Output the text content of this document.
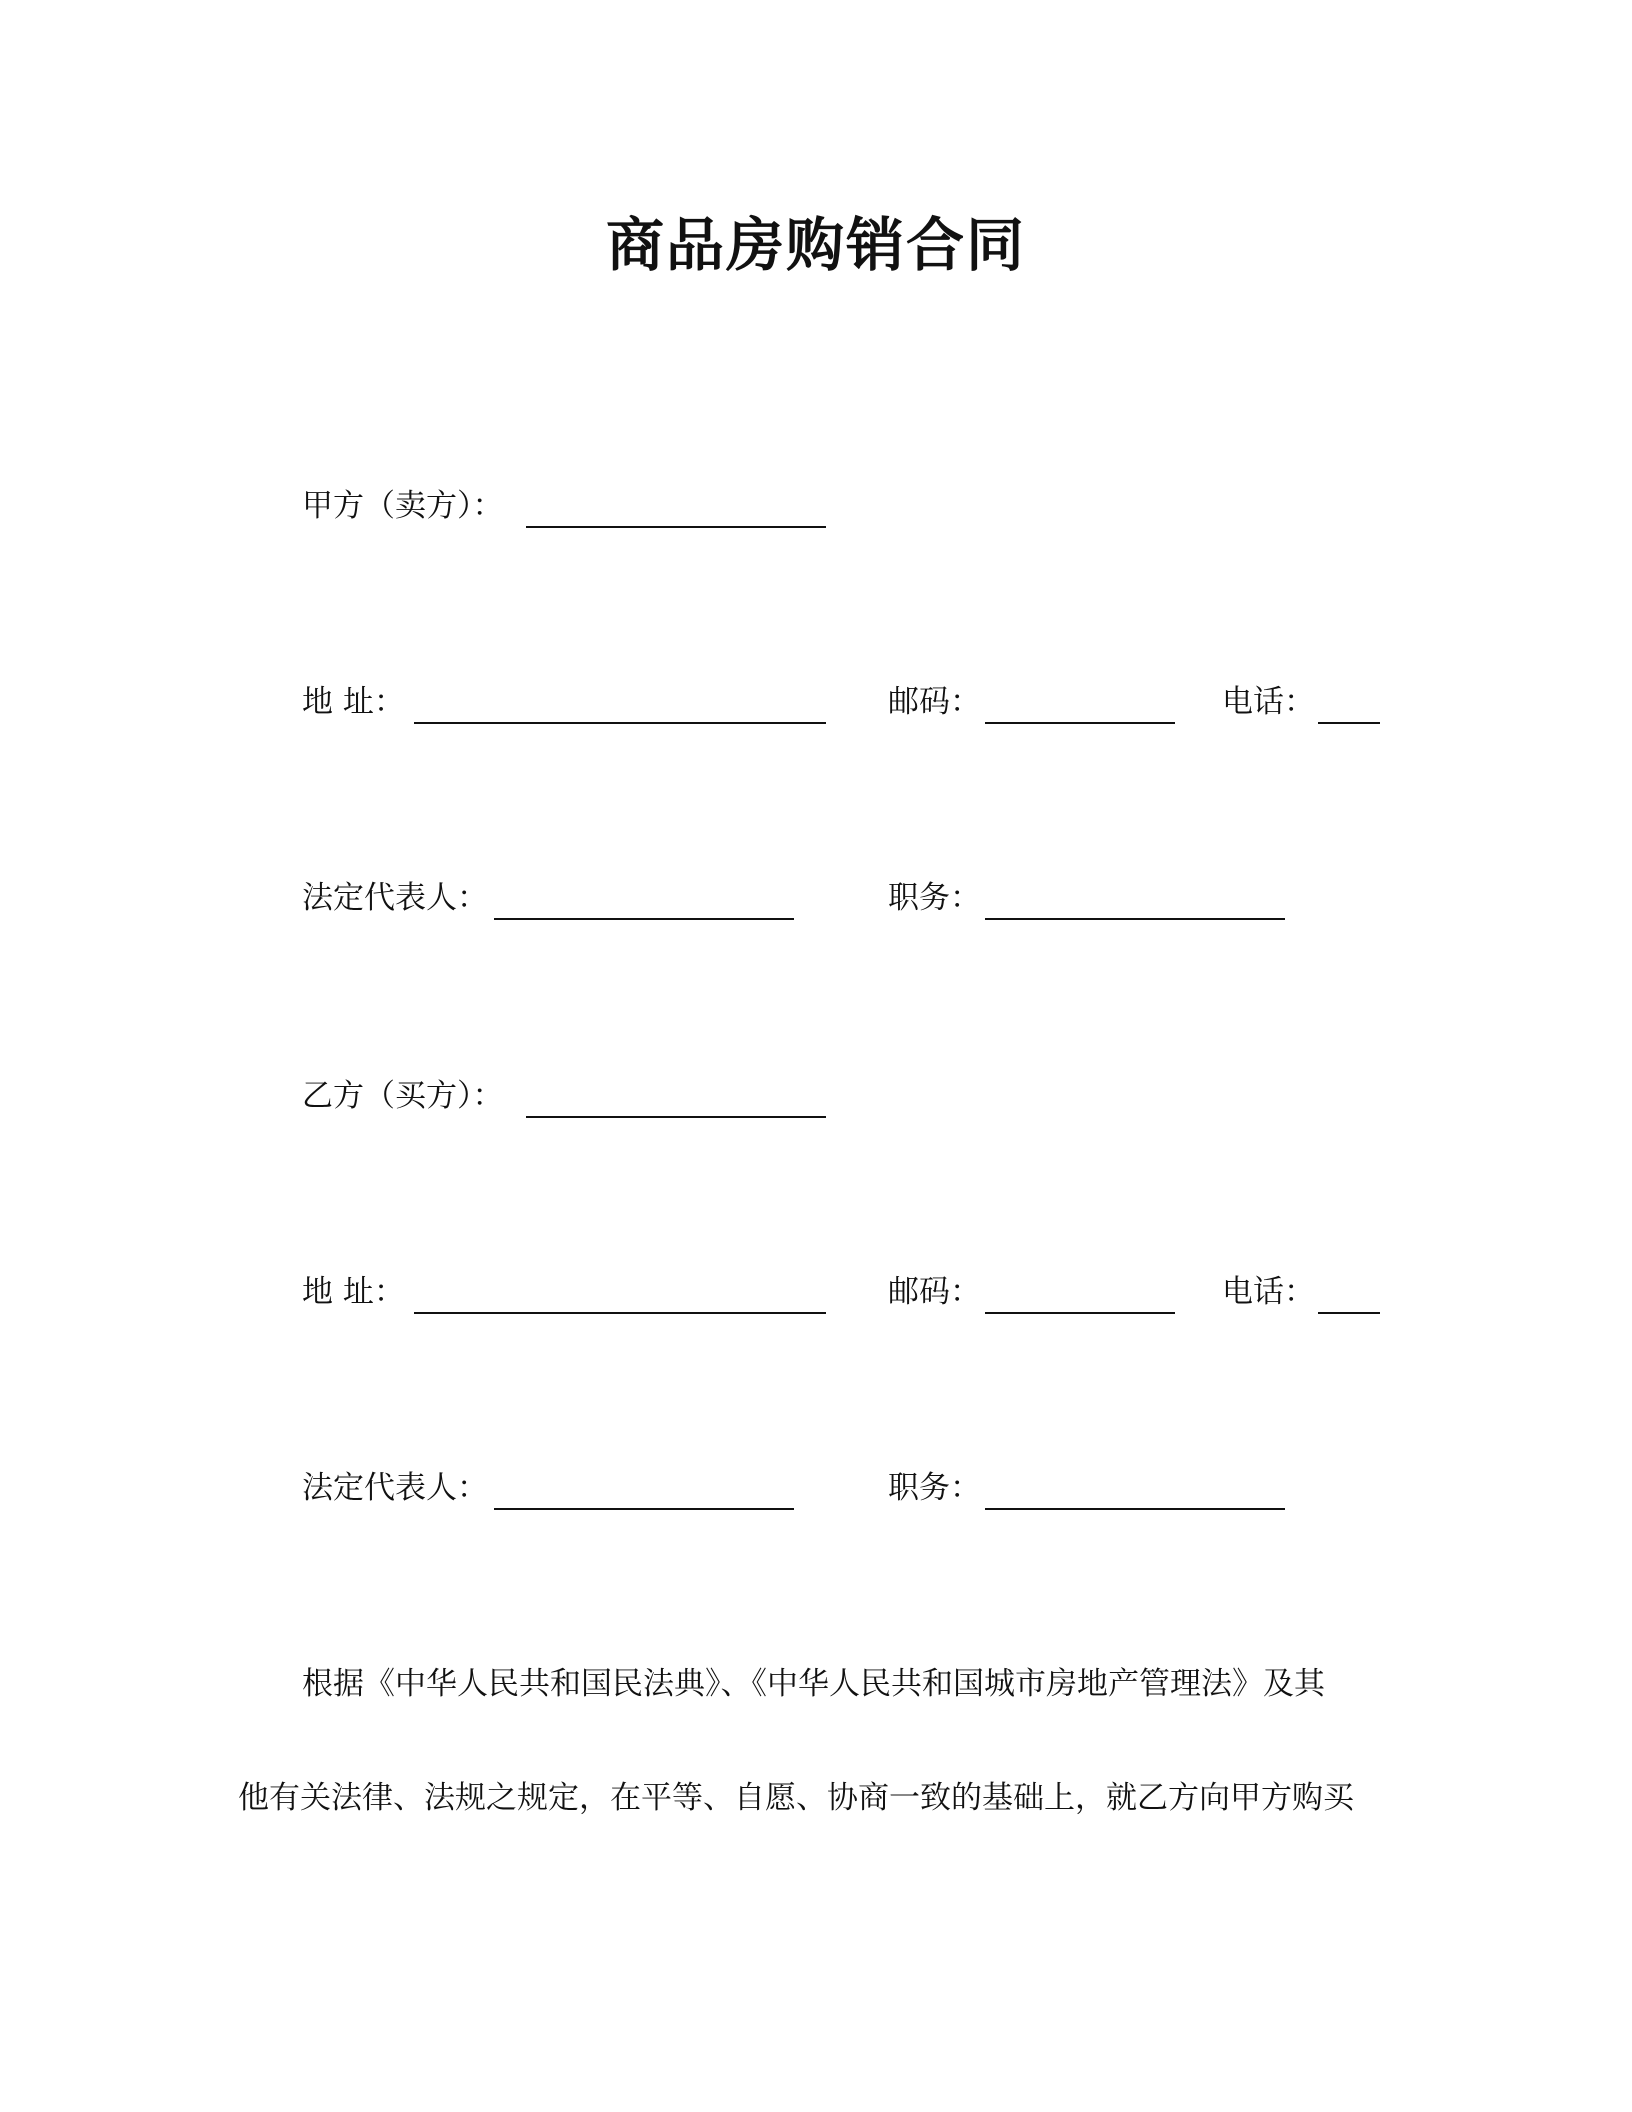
商品房购销合同
甲方（卖方）：
地 址：	邮码：	电话：
法定代表人：	职务：
乙方（买方）：
地 址：	邮码：	电话：
法定代表人：	职务：
根据《中华人民共和国民法典》、《中华人民共和国城市房地产管理法》及其
他有关法律、法规之规定，在平等、自愿、协商一致的基础上，就乙方向甲方购买
